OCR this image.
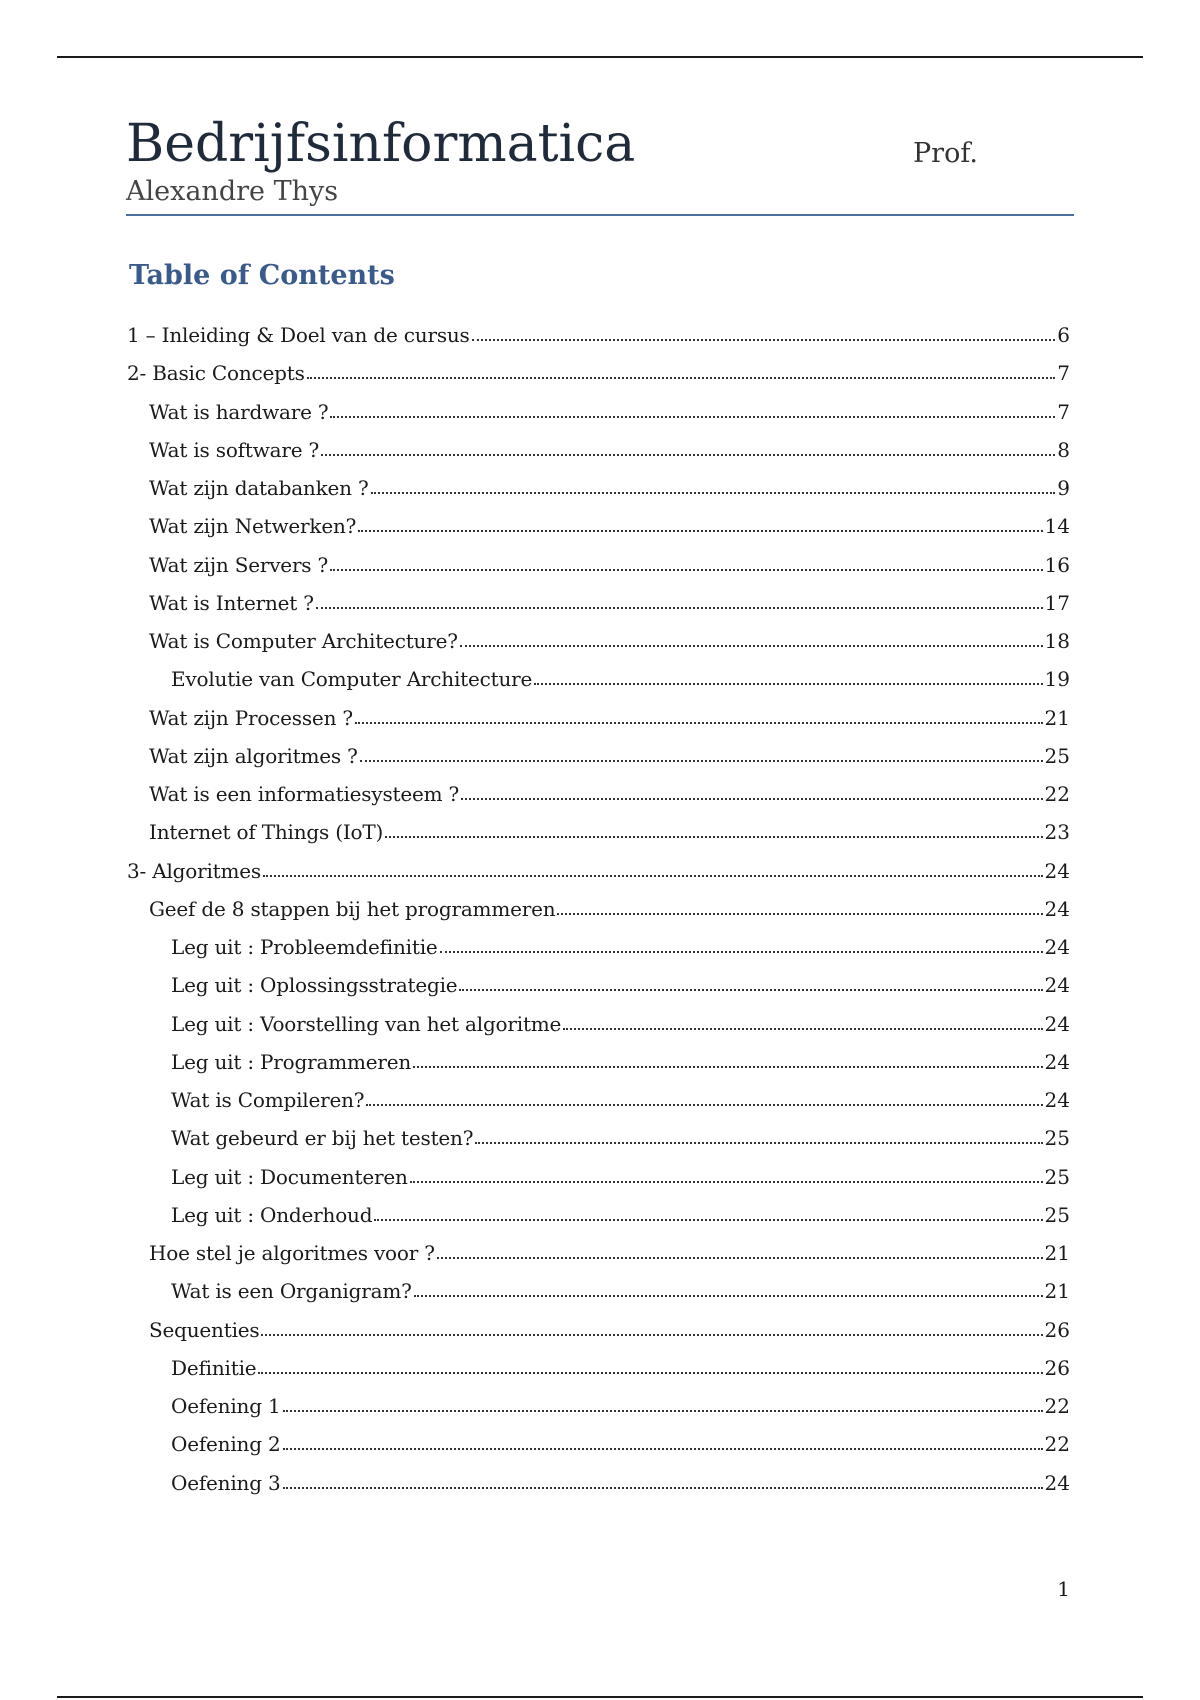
Bedrijfsinformatica	Prof.
Alexandre Thys
Table of Contents
1 – Inleiding & Doel van de cursus	6
2- Basic Concepts	7
Wat is hardware ?	7
Wat is software ?	8
Wat zijn databanken ?	9
Wat zijn Netwerken?	14
Wat zijn Servers ?	16
Wat is Internet ?	17
Wat is Computer Architecture?	18
Evolutie van Computer Architecture	19
Wat zijn Processen ?	21
Wat zijn algoritmes ?	25
Wat is een informatiesysteem ?	22
Internet of Things (IoT)	23
3- Algoritmes	24
Geef de 8 stappen bij het programmeren	24
Leg uit : Probleemdefinitie	24
Leg uit : Oplossingsstrategie	24
Leg uit : Voorstelling van het algoritme	24
Leg uit : Programmeren	24
Wat is Compileren?	24
Wat gebeurd er bij het testen?	25
Leg uit : Documenteren	25
Leg uit : Onderhoud	25
Hoe stel je algoritmes voor ?	21
Wat is een Organigram?	21
Sequenties	26
Definitie	26
Oefening 1	22
Oefening 2	22
Oefening 3	24
1
